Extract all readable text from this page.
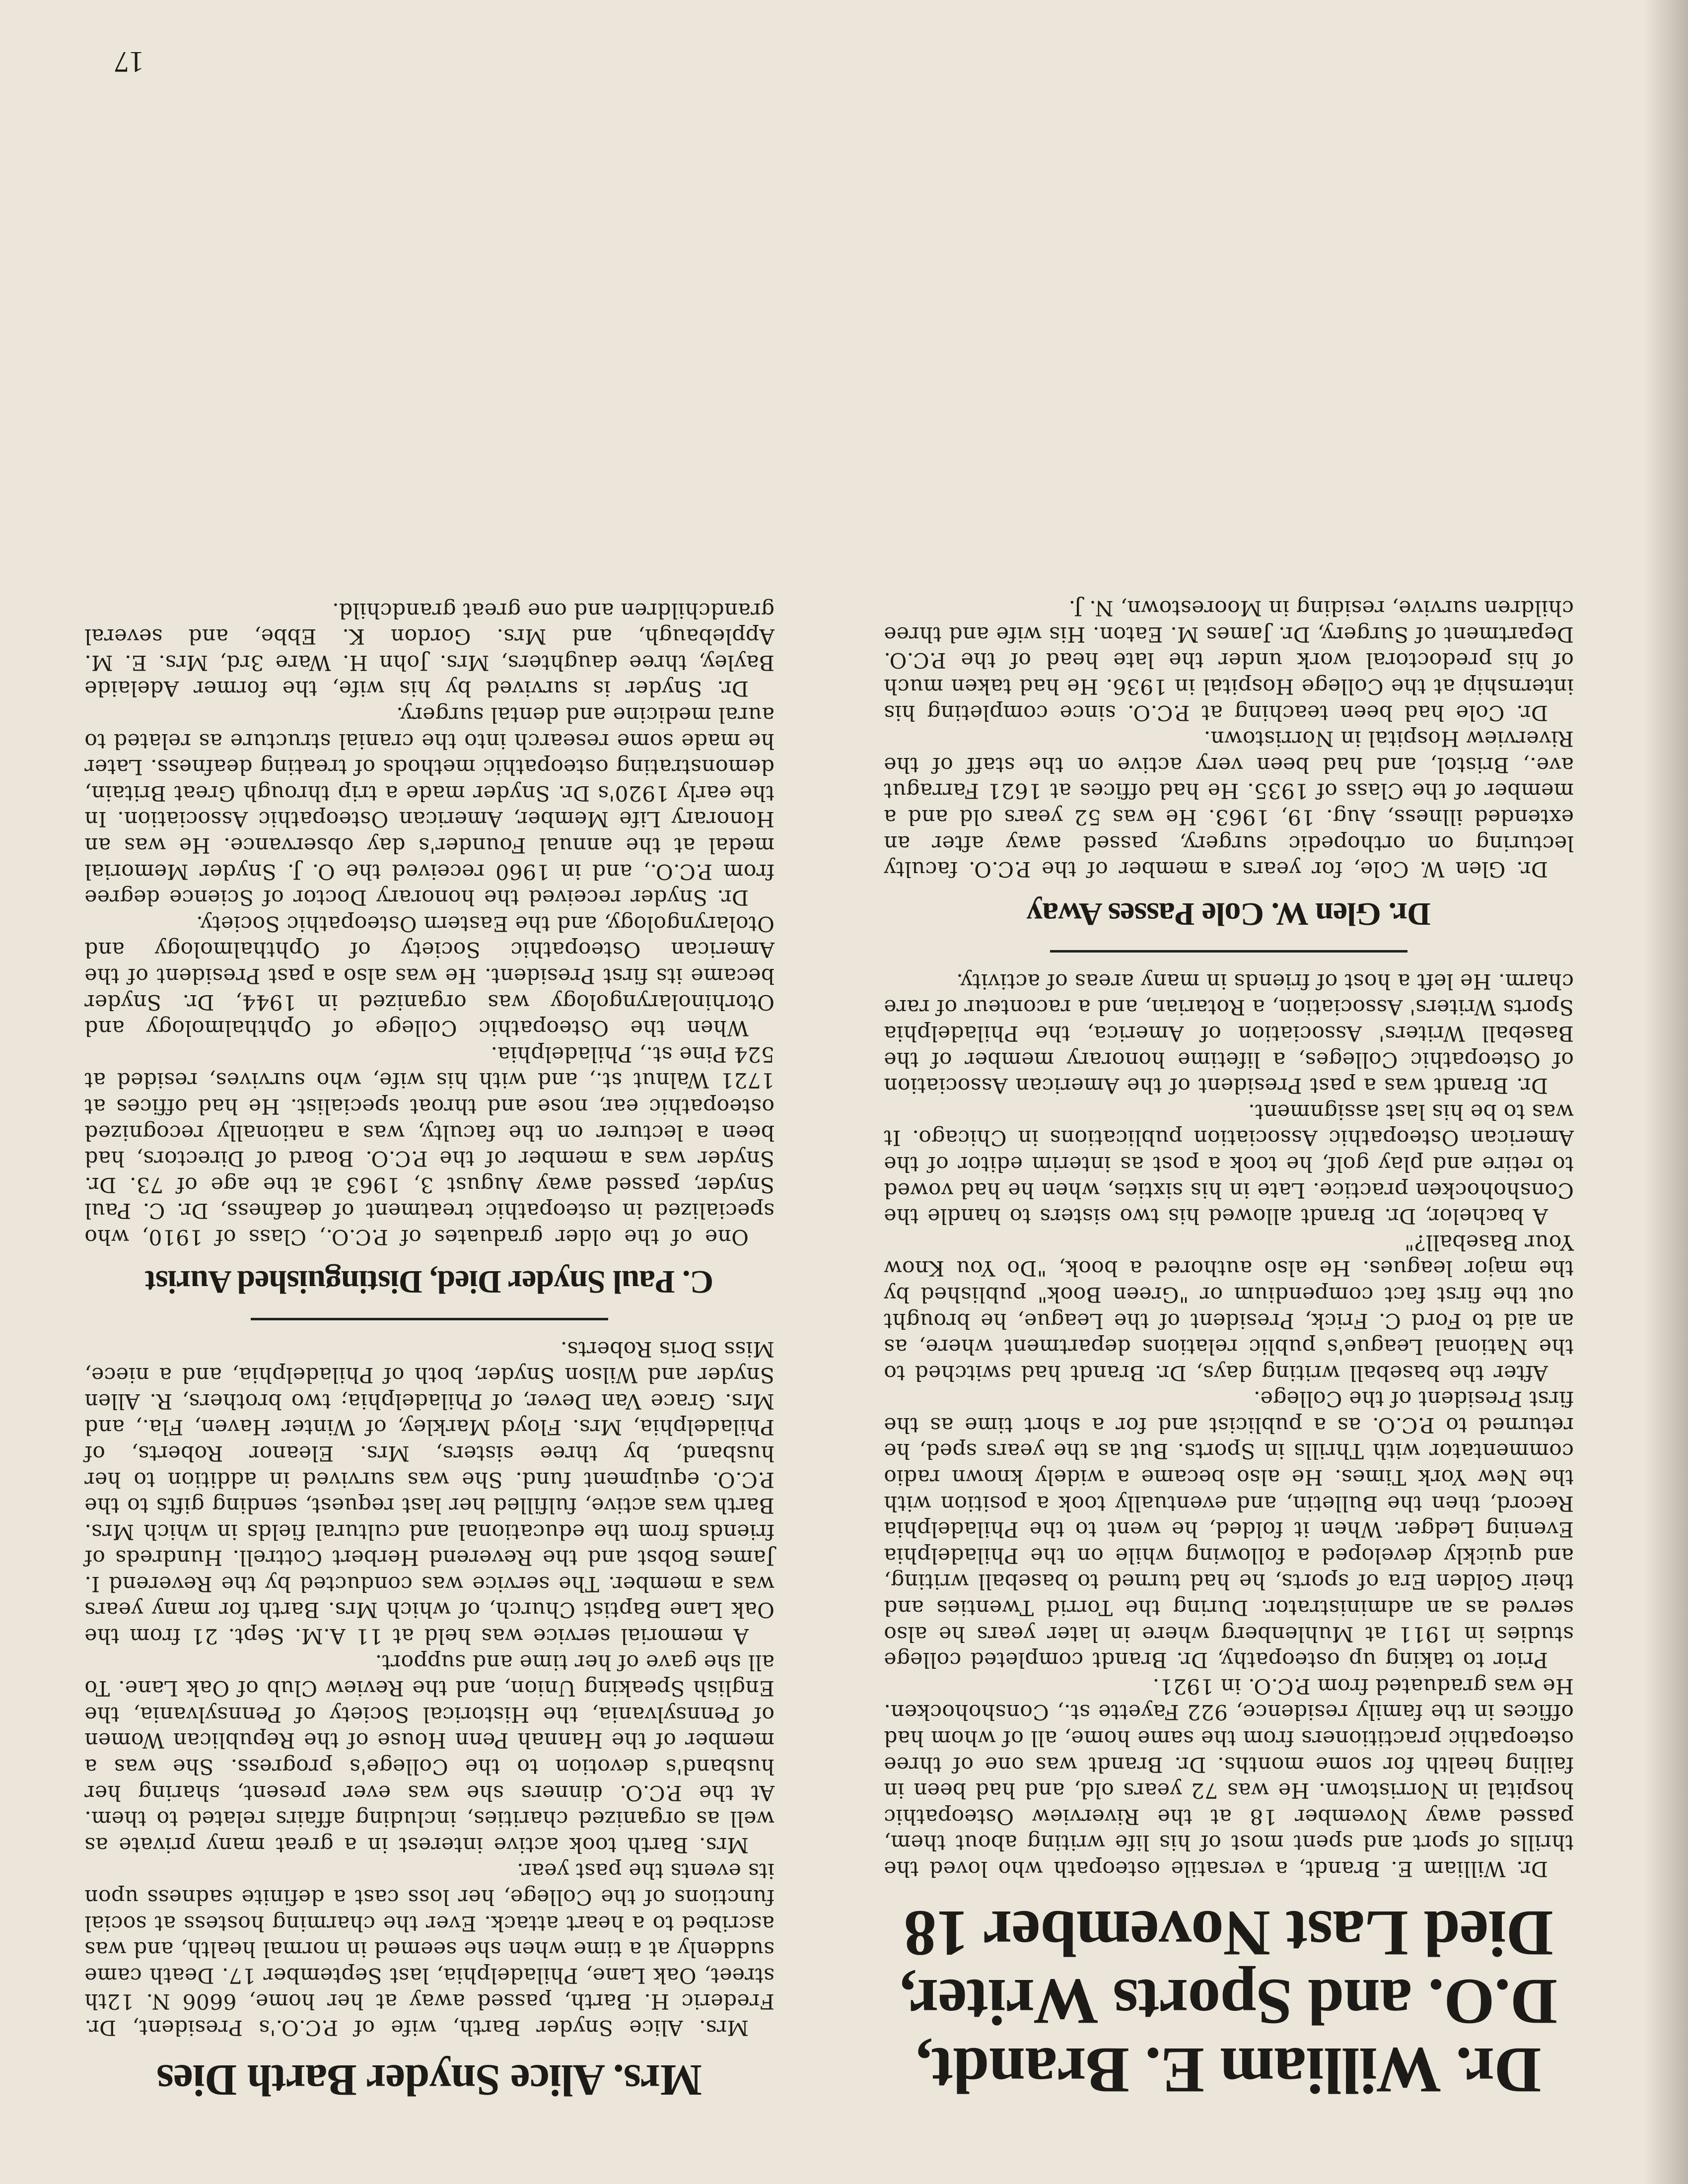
Dr. William E. Brandt, D.O. and Sports Writer, Died Last November 18

Dr. William E. Brandt, a versatile osteopath who loved the thrills of sport and spent most of his life writing about them, passed away November 18 at the Riverview Osteopathic hospital in Norristown. He was 72 years old, and had been in failing health for some months. Dr. Brandt was one of three osteopathic practitioners from the same home, all of whom had offices in the family residence, 922 Fayette st., Conshohocken. He was graduated from P.C.O. in 1921.

Prior to taking up osteopathy, Dr. Brandt completed college studies in 1911 at Muhlenberg where in later years he also served as an administrator. During the Torrid Twenties and their Golden Era of sports, he had turned to baseball writing, and quickly developed a following while on the Philadelphia Evening Ledger. When it folded, he went to the Philadelphia Record, then the Bulletin, and eventually took a position with the New York Times. He also became a widely known radio commentator with Thrills in Sports. But as the years sped, he returned to P.C.O. as a publicist and for a short time as the first President of the College.

After the baseball writing days, Dr. Brandt had switched to the National League's public relations department where, as an aid to Ford C. Frick, President of the League, he brought out the first fact compendium or "Green Book" published by the major leagues. He also authored a book, "Do You Know Your Baseball?"

A bachelor, Dr. Brandt allowed his two sisters to handle the Conshohocken practice. Late in his sixties, when he had vowed to retire and play golf, he took a post as interim editor of the American Osteopathic Association publications in Chicago. It was to be his last assignment.

Dr. Brandt was a past President of the American Association of Osteopathic Colleges, a lifetime honorary member of the Baseball Writers' Association of America, the Philadelphia Sports Writers' Association, a Rotarian, and a raconteur of rare charm. He left a host of friends in many areas of activity.

Dr. Glen W. Cole Passes Away

Dr. Glen W. Cole, for years a member of the P.C.O. faculty lecturing on orthopedic surgery, passed away after an extended illness, Aug. 19, 1963. He was 52 years old and a member of the Class of 1935. He had offices at 1621 Farragut ave., Bristol, and had been very active on the staff of the Riverview Hospital in Norristown.

Dr. Cole had been teaching at P.C.O. since completing his internship at the College Hospital in 1936. He had taken much of his predoctoral work under the late head of the P.C.O. Department of Surgery, Dr. James M. Eaton. His wife and three children survive, residing in Moorestown, N. J.

Mrs. Alice Snyder Barth Dies

Mrs. Alice Snyder Barth, wife of P.C.O.'s President, Dr. Frederic H. Barth, passed away at her home, 6606 N. 12th street, Oak Lane, Philadelphia, last September 17. Death came suddenly at a time when she seemed in normal health, and was ascribed to a heart attack. Ever the charming hostess at social functions of the College, her loss cast a definite sadness upon its events the past year.

Mrs. Barth took active interest in a great many private as well as organized charities, including affairs related to them. At the P.C.O. dinners she was ever present, sharing her husband's devotion to the College's progress. She was a member of the Hannah Penn House of the Republican Women of Pennsylvania, the Historical Society of Pennsylvania, the English Speaking Union, and the Review Club of Oak Lane. To all she gave of her time and support.

A memorial service was held at 11 A.M. Sept. 21 from the Oak Lane Baptist Church, of which Mrs. Barth for many years was a member. The service was conducted by the Reverend I. James Bobst and the Reverend Herbert Cottrell. Hundreds of friends from the educational and cultural fields in which Mrs. Barth was active, fulfilled her last request, sending gifts to the P.C.O. equipment fund. She was survived in addition to her husband, by three sisters, Mrs. Eleanor Roberts, of Philadelphia, Mrs. Floyd Markley, of Winter Haven, Fla., and Mrs. Grace Van Dever, of Philadelphia; two brothers, R. Allen Snyder and Wilson Snyder, both of Philadelphia, and a niece, Miss Doris Roberts.

C. Paul Snyder Died, Distinguished Aurist

One of the older graduates of P.C.O., Class of 1910, who specialized in osteopathic treatment of deafness, Dr. C. Paul Snyder, passed away August 3, 1963 at the age of 73. Dr. Snyder was a member of the P.C.O. Board of Directors, had been a lecturer on the faculty, was a nationally recognized osteopathic ear, nose and throat specialist. He had offices at 1721 Walnut st., and with his wife, who survives, resided at 524 Pine st., Philadelphia.

When the Osteopathic College of Ophthalmology and Otorhinolaryngology was organized in 1944, Dr. Snyder became its first President. He was also a past President of the American Osteopathic Society of Ophthalmology and Otolaryngology, and the Eastern Osteopathic Society.

Dr. Snyder received the honorary Doctor of Science degree from P.C.O., and in 1960 received the O. J. Snyder Memorial medal at the annual Founder's day observance. He was an Honorary Life Member, American Osteopathic Association. In the early 1920's Dr. Snyder made a trip through Great Britain, demonstrating osteopathic methods of treating deafness. Later he made some research into the cranial structure as related to aural medicine and dental surgery.

Dr. Snyder is survived by his wife, the former Adelaide Bayley, three daughters, Mrs. John H. Ware 3rd, Mrs. E. M. Applebaugh, and Mrs. Gordon K. Ebbe, and several grandchildren and one great grandchild.

17
